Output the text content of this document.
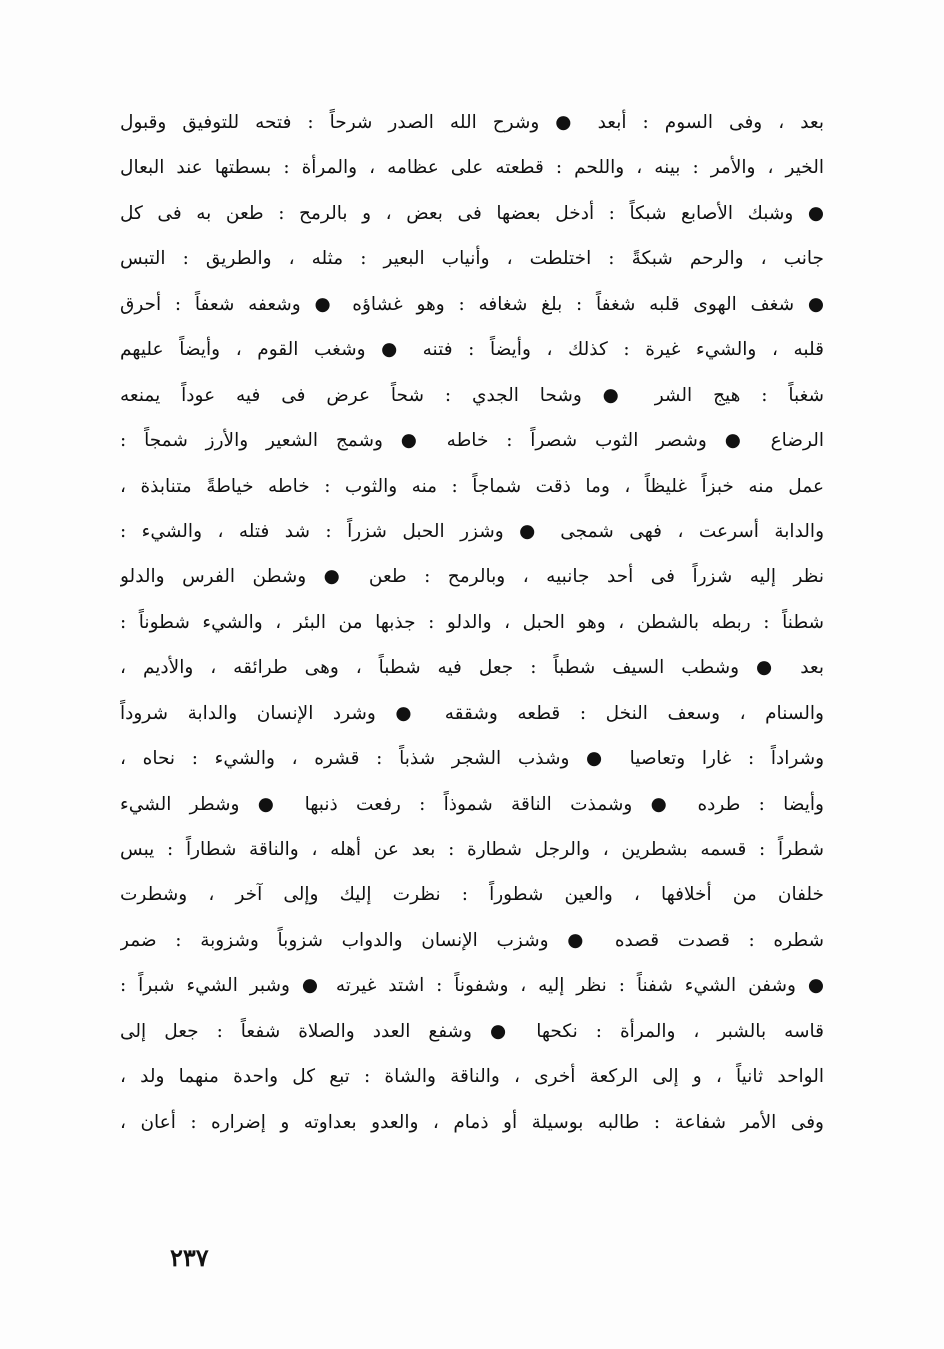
بعد ، وفى السوم : أبعد ● وشرح الله الصدر شرحاً : فتحه للتوفيق وقبول
الخير ، والأمر : بينه ، واللحم : قطعته على عظامه ، والمرأة : بسطتها عند البعال
● وشبك الأصابع شبكاً : أدخل بعضها فى بعض ، و بالرمح : طعن به فى كل
جانب ، والرحم شبكةً : اختلطت ، وأنياب البعير : مثله ، والطريق : التبس
● شغف الهوى قلبه شغفاً : بلغ شغافه : وهو غشاؤه ● وشعفه شعفاً : أحرق
قلبه ، والشيء غيرة : كذلك ، وأيضاً : فتنه ● وشغب القوم ، وأيضاً عليهم
شغباً : هيج الشر ● وشحا الجدي : شحاً عرض فى فيه عوداً يمنعه
الرضاع ● وشصر الثوب شصراً : خاطه ● وشمج الشعير والأرز شمجاً :
عمل منه خبزاً غليظاً ، وما ذقت شماجاً : منه والثوب : خاطه خياطةً متنابذة ،
والدابة أسرعت ، فهى شمجى ● وشزر الحبل شزراً : شد فتله ، والشيء :
نظر إليه شزراً فى أحد جانبيه ، وبالرمح : طعن ● وشطن الفرس والدلو
شطناً : ربطه بالشطن ، وهو الحبل ، والدلو : جذبها من البئر ، والشيء شطوناً :
بعد ● وشطب السيف شطباً : جعل فيه شطباً ، وهى طرائقه ، والأديم ،
والسنام ، وسعف النخل : قطعه وشققه ● وشرد الإنسان والدابة شروداً
وشراداً : غارا وتعاصيا ● وشذب الشجر شذباً : قشره ، والشيء : نحاه ،
وأيضا : طرده ● وشمذت الناقة شموذاً : رفعت ذنبها ● وشطر الشيء
شطراً : قسمه بشطرين ، والرجل شطارة : بعد عن أهله ، والناقة شطاراً : يبس
خلفان من أخلافها ، والعين شطوراً : نظرت إليك وإلى آخر ، وشطرت
شطره : قصدت قصده ● وشزب الإنسان والدواب شزوباً وشزوبة : ضمر
● وشفن الشيء شفناً : نظر إليه ، وشفوناً : اشتد غيرته ● وشبر الشيء شبراً :
قاسه بالشبر ، والمرأة : نكحها ● وشفع العدد والصلاة شفعاً : جعل إلى
الواحد ثانياً ، و إلى الركعة أخرى ، والناقة والشاة : تبع كل واحدة منهما ولد ،
وفى الأمر شفاعة : طالبه بوسيلة أو ذمام ، والعدو بعداوته و إضراره : أعان ،
٢٣٧
